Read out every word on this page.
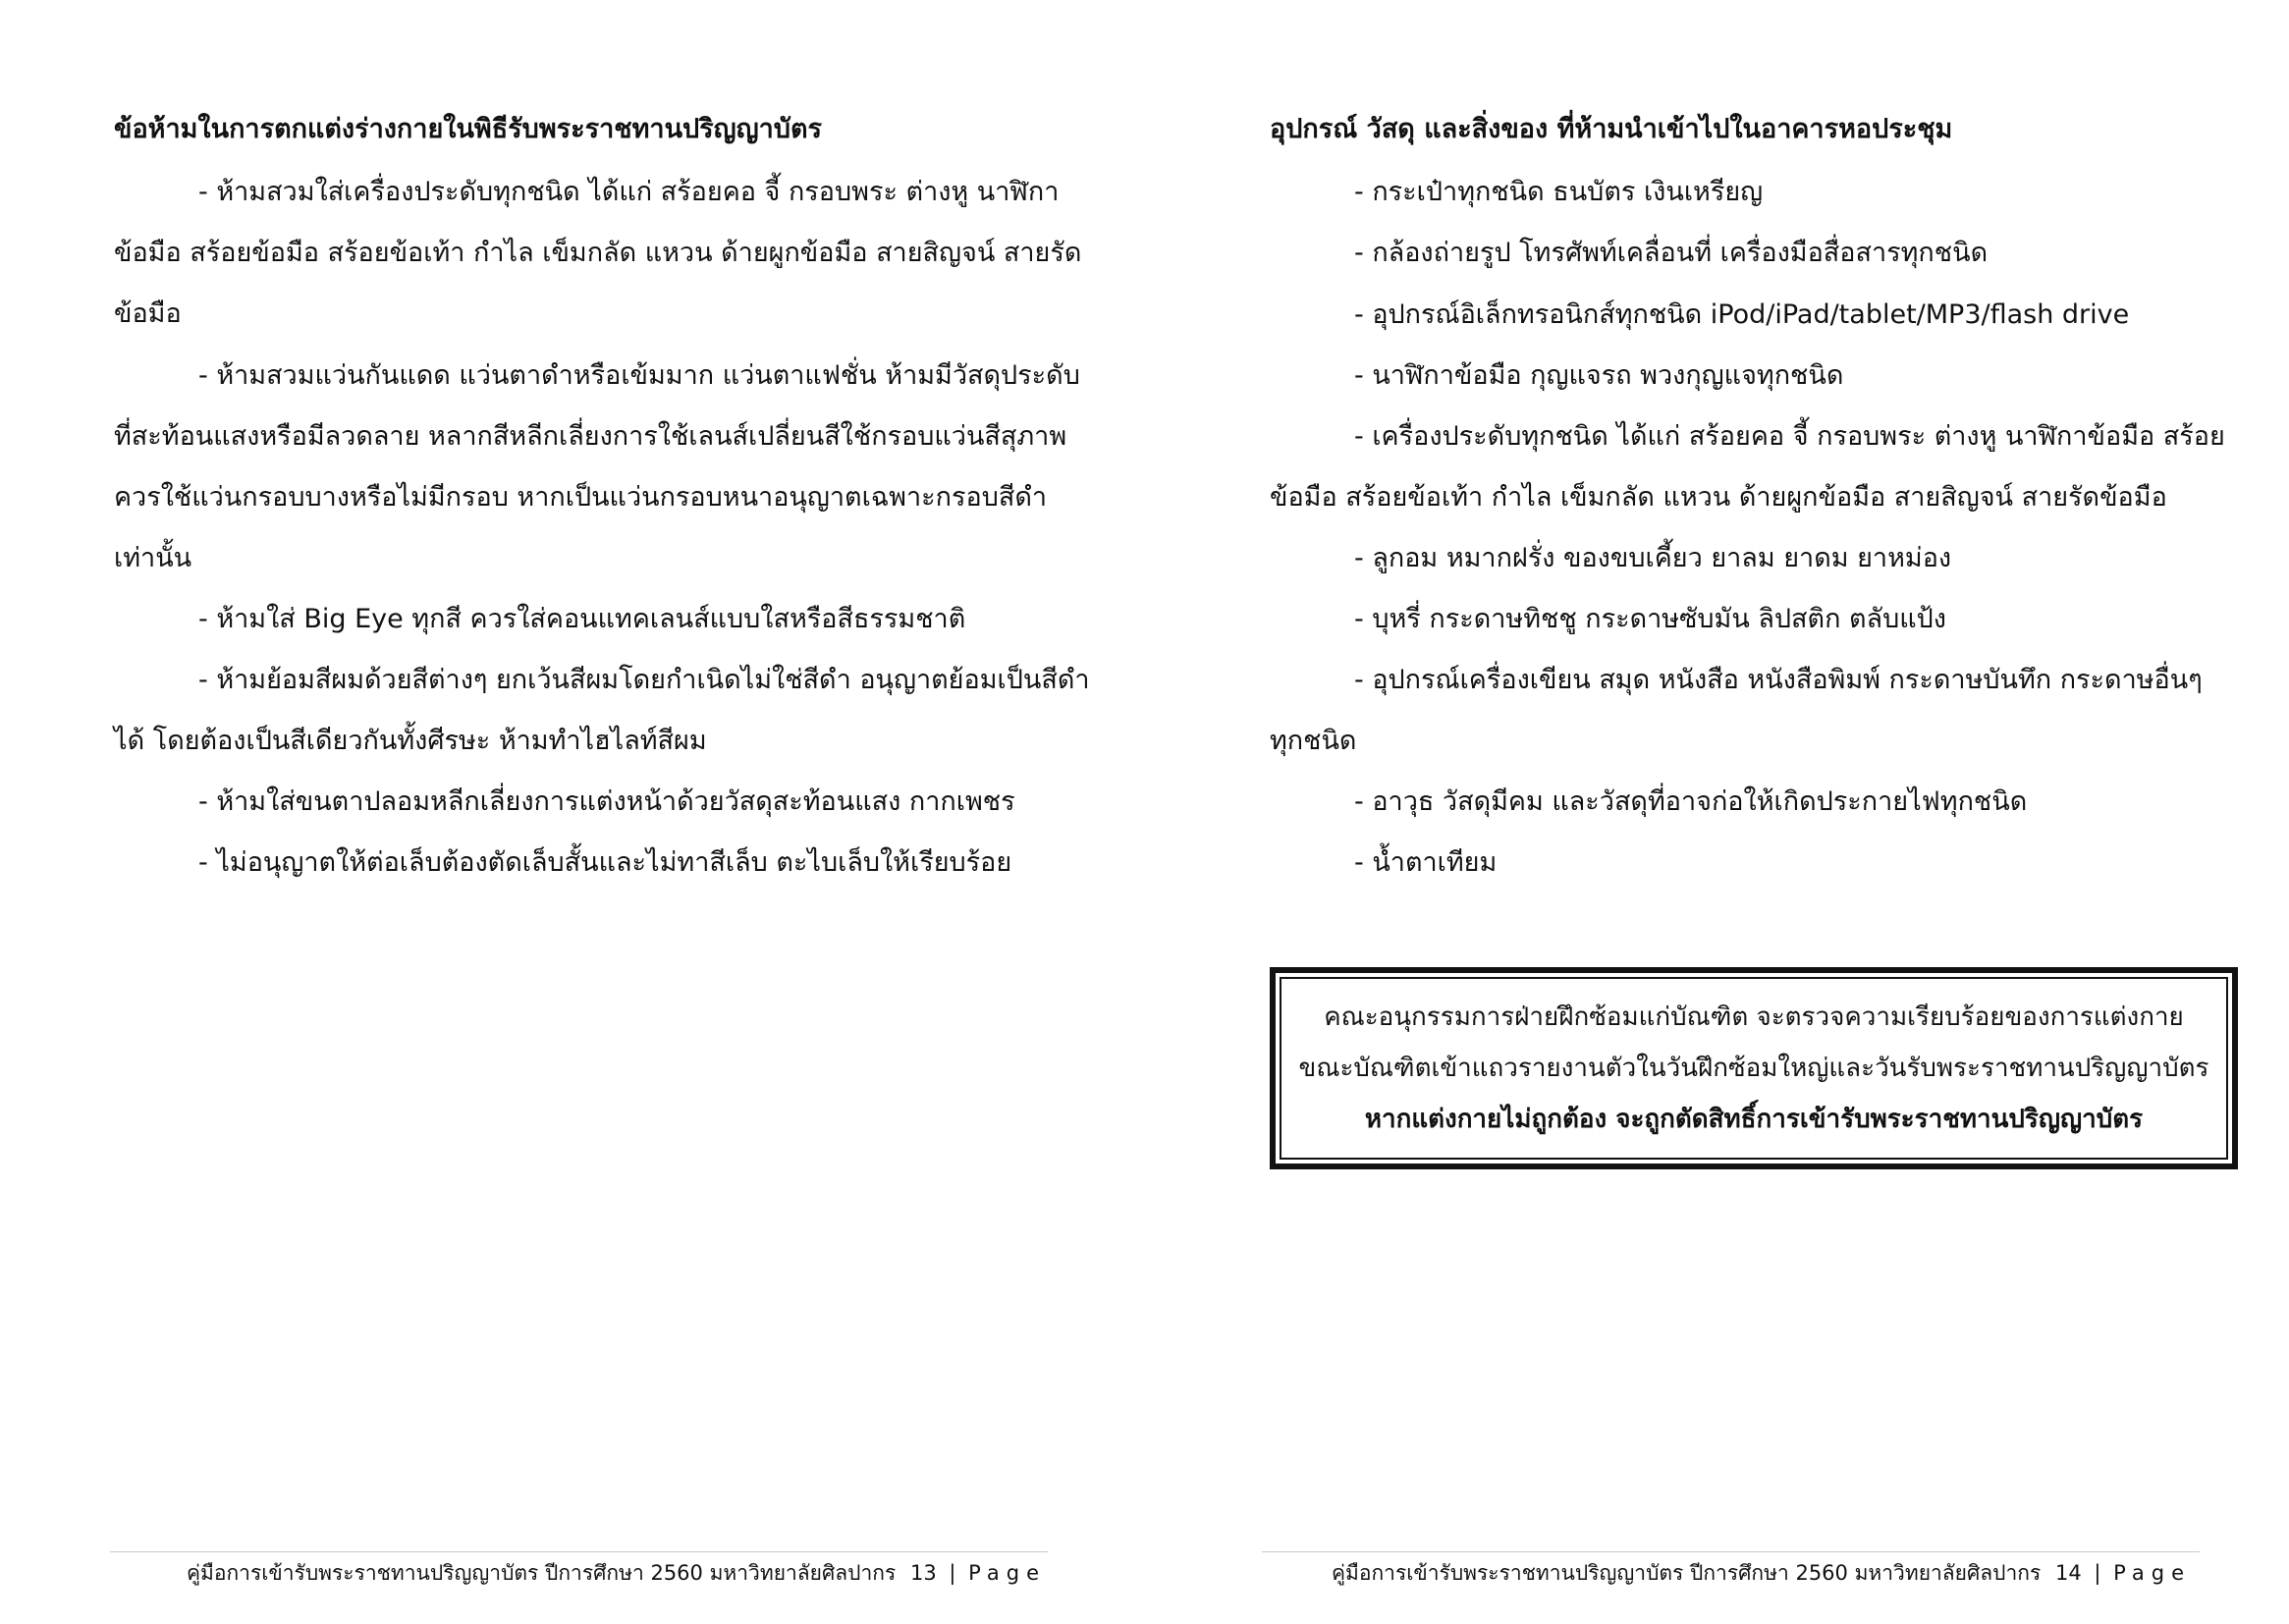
ข้อห้ามในการตกแต่งร่างกายในพิธีรับพระราชทานปริญญาบัตร
- ห้ามสวมใส่เครื่องประดับทุกชนิด ได้แก่ สร้อยคอ จี้ กรอบพระ ต่างหู นาฬิกา
ข้อมือ สร้อยข้อมือ สร้อยข้อเท้า กำไล เข็มกลัด แหวน ด้ายผูกข้อมือ สายสิญจน์ สายรัด
ข้อมือ
- ห้ามสวมแว่นกันแดด แว่นตาดำหรือเข้มมาก แว่นตาแฟชั่น ห้ามมีวัสดุประดับ
ที่สะท้อนแสงหรือมีลวดลาย หลากสีหลีกเลี่ยงการใช้เลนส์เปลี่ยนสีใช้กรอบแว่นสีสุภาพ
ควรใช้แว่นกรอบบางหรือไม่มีกรอบ หากเป็นแว่นกรอบหนาอนุญาตเฉพาะกรอบสีดำ
เท่านั้น
- ห้ามใส่ Big Eye ทุกสี ควรใส่คอนแทคเลนส์แบบใสหรือสีธรรมชาติ
- ห้ามย้อมสีผมด้วยสีต่างๆ ยกเว้นสีผมโดยกำเนิดไม่ใช่สีดำ อนุญาตย้อมเป็นสีดำ
ได้ โดยต้องเป็นสีเดียวกันทั้งศีรษะ ห้ามทำไฮไลท์สีผม
- ห้ามใส่ขนตาปลอมหลีกเลี่ยงการแต่งหน้าด้วยวัสดุสะท้อนแสง กากเพชร
- ไม่อนุญาตให้ต่อเล็บต้องตัดเล็บสั้นและไม่ทาสีเล็บ ตะไบเล็บให้เรียบร้อย
คู่มือการเข้ารับพระราชทานปริญญาบัตร ปีการศึกษา 2560 มหาวิทยาลัยศิลปากร 13 | Page
อุปกรณ์ วัสดุ และสิ่งของ ที่ห้ามนำเข้าไปในอาคารหอประชุม
- กระเป๋าทุกชนิด ธนบัตร เงินเหรียญ
- กล้องถ่ายรูป โทรศัพท์เคลื่อนที่ เครื่องมือสื่อสารทุกชนิด
- อุปกรณ์อิเล็กทรอนิกส์ทุกชนิด iPod/iPad/tablet/MP3/flash drive
- นาฬิกาข้อมือ กุญแจรถ พวงกุญแจทุกชนิด
- เครื่องประดับทุกชนิด ได้แก่ สร้อยคอ จี้ กรอบพระ ต่างหู นาฬิกาข้อมือ สร้อย
ข้อมือ สร้อยข้อเท้า กำไล เข็มกลัด แหวน ด้ายผูกข้อมือ สายสิญจน์ สายรัดข้อมือ
- ลูกอม หมากฝรั่ง ของขบเคี้ยว ยาลม ยาดม ยาหม่อง
- บุหรี่ กระดาษทิชชู กระดาษซับมัน ลิปสติก ตลับแป้ง
- อุปกรณ์เครื่องเขียน สมุด หนังสือ หนังสือพิมพ์ กระดาษบันทึก กระดาษอื่นๆ
ทุกชนิด
- อาวุธ วัสดุมีคม และวัสดุที่อาจก่อให้เกิดประกายไฟทุกชนิด
- น้ำตาเทียม
คู่มือการเข้ารับพระราชทานปริญญาบัตร ปีการศึกษา 2560 มหาวิทยาลัยศิลปากร 14 | Page
คณะอนุกรรมการฝ่ายฝึกซ้อมแก่บัณฑิต จะตรวจความเรียบร้อยของการแต่งกาย
ขณะบัณฑิตเข้าแถวรายงานตัวในวันฝึกซ้อมใหญ่และวันรับพระราชทานปริญญาบัตร
หากแต่งกายไม่ถูกต้อง จะถูกตัดสิทธิ์การเข้ารับพระราชทานปริญญาบัตร
